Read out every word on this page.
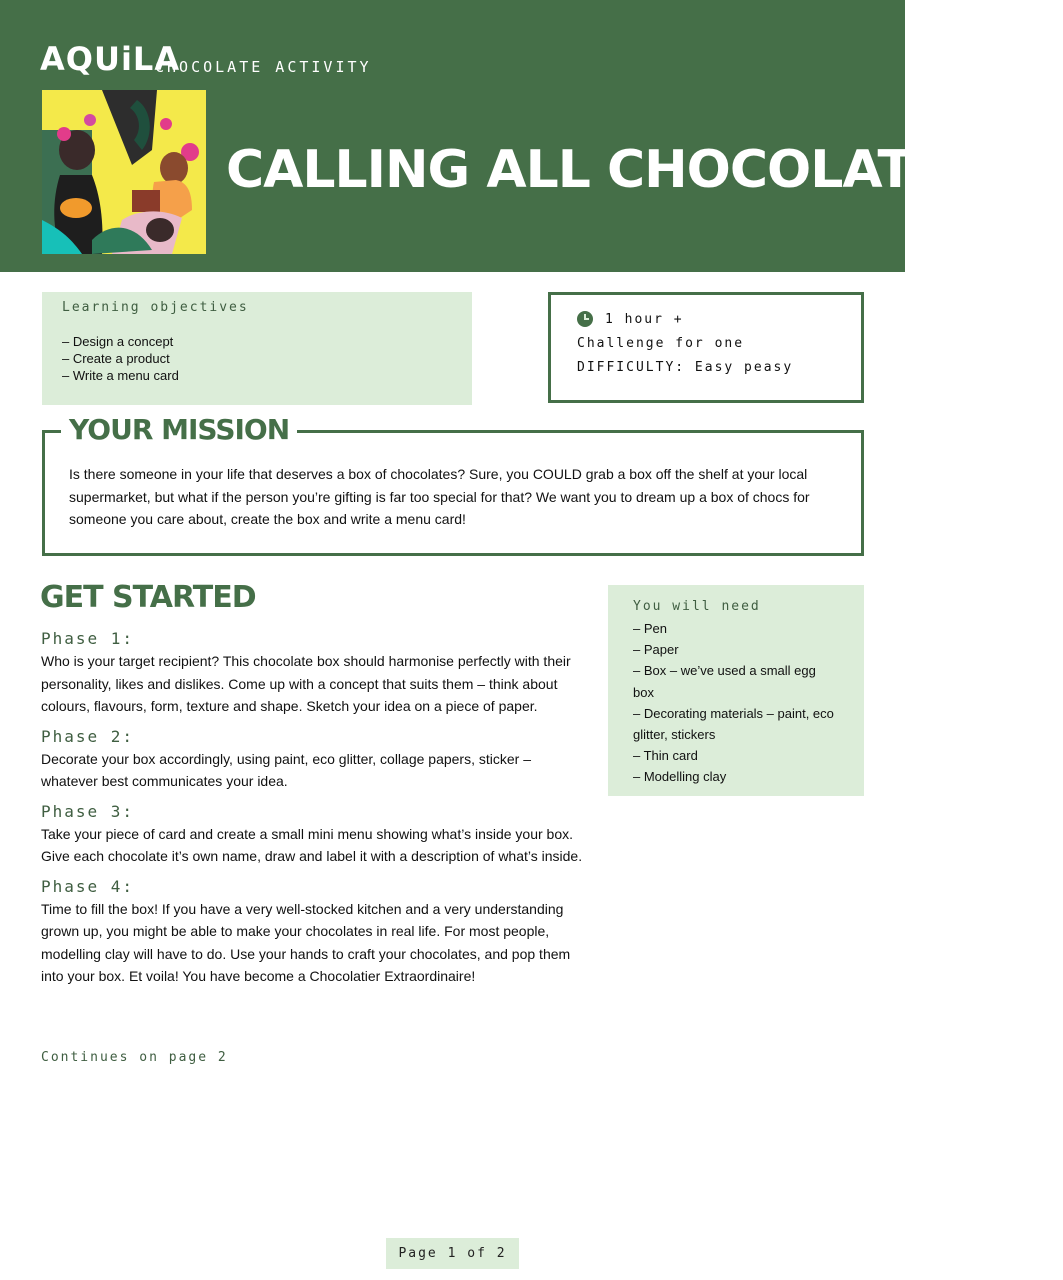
AQUiLA
CHOCOLATE ACTIVITY
CALLING ALL CHOCOLATIERS!
Learning objectives
– Design a concept
– Create a product
– Write a menu card
1 hour +
Challenge for one
DIFFICULTY: Easy peasy
YOUR MISSION

Is there someone in your life that deserves a box of chocolates? Sure, you COULD grab a box off the shelf at your local supermarket, but what if the person you’re gifting is far too special for that? We want you to dream up a box of chocs for someone you care about, create the box and write a menu card!

GET STARTED
Phase 1:

Who is your target recipient? This chocolate box should harmonise perfectly with their personality, likes and dislikes. Come up with a concept that suits them – think about colours, flavours, form, texture and shape. Sketch your idea on a piece of paper.

Phase 2:

Decorate your box accordingly, using paint, eco glitter, collage papers, sticker – whatever best communicates your idea.

Phase 3:

Take your piece of card and create a small mini menu showing what’s inside your box. Give each chocolate it’s own name, draw and label it with a description of what’s inside.

Phase 4:

Time to fill the box! If you have a very well-stocked kitchen and a very understanding grown up, you might be able to make your chocolates in real life. For most people, modelling clay will have to do. Use your hands to craft your chocolates, and pop them into your box. Et voila! You have become a Chocolatier Extraordinaire!

You will need
– Pen
– Paper
– Box – we’ve used a small egg box
– Decorating materials – paint, eco glitter, stickers
– Thin card
– Modelling clay
Continues on page 2
Page 1 of 2
